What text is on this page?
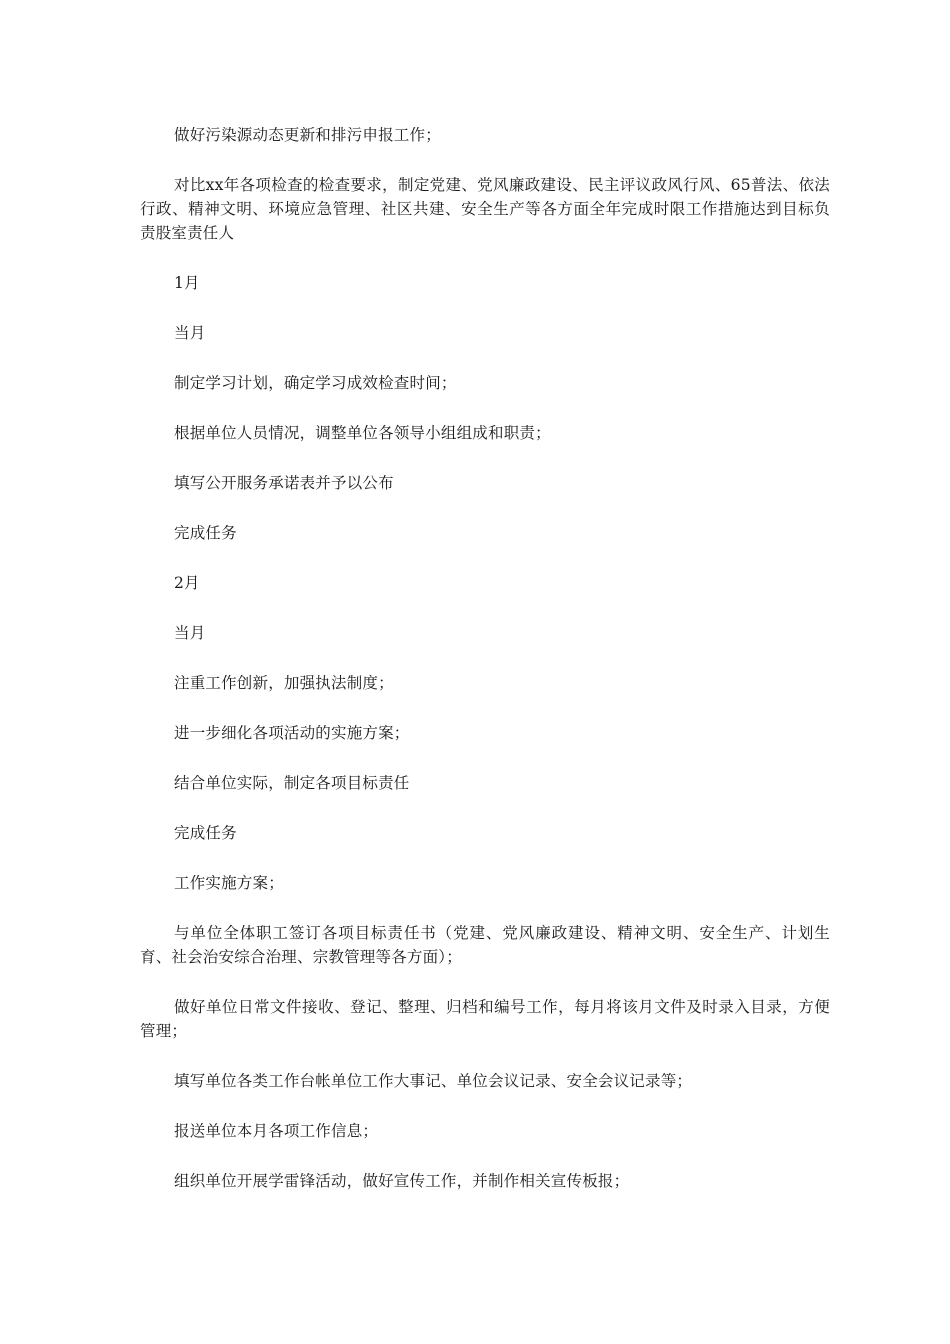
做好污染源动态更新和排污申报工作；

对比xx年各项检查的检查要求，制定党建、党风廉政建设、民主评议政风行风、65普法、依法行政、精神文明、环境应急管理、社区共建、安全生产等各方面全年完成时限工作措施达到目标负责股室责任人

1月

当月

制定学习计划，确定学习成效检查时间；

根据单位人员情况，调整单位各领导小组组成和职责；

填写公开服务承诺表并予以公布

完成任务

2月

当月

注重工作创新，加强执法制度；

进一步细化各项活动的实施方案；

结合单位实际，制定各项目标责任

完成任务

工作实施方案；

与单位全体职工签订各项目标责任书（党建、党风廉政建设、精神文明、安全生产、计划生育、社会治安综合治理、宗教管理等各方面）；

做好单位日常文件接收、登记、整理、归档和编号工作，每月将该月文件及时录入目录，方便管理；

填写单位各类工作台帐单位工作大事记、单位会议记录、安全会议记录等；

报送单位本月各项工作信息；

组织单位开展学雷锋活动，做好宣传工作，并制作相关宣传板报；
